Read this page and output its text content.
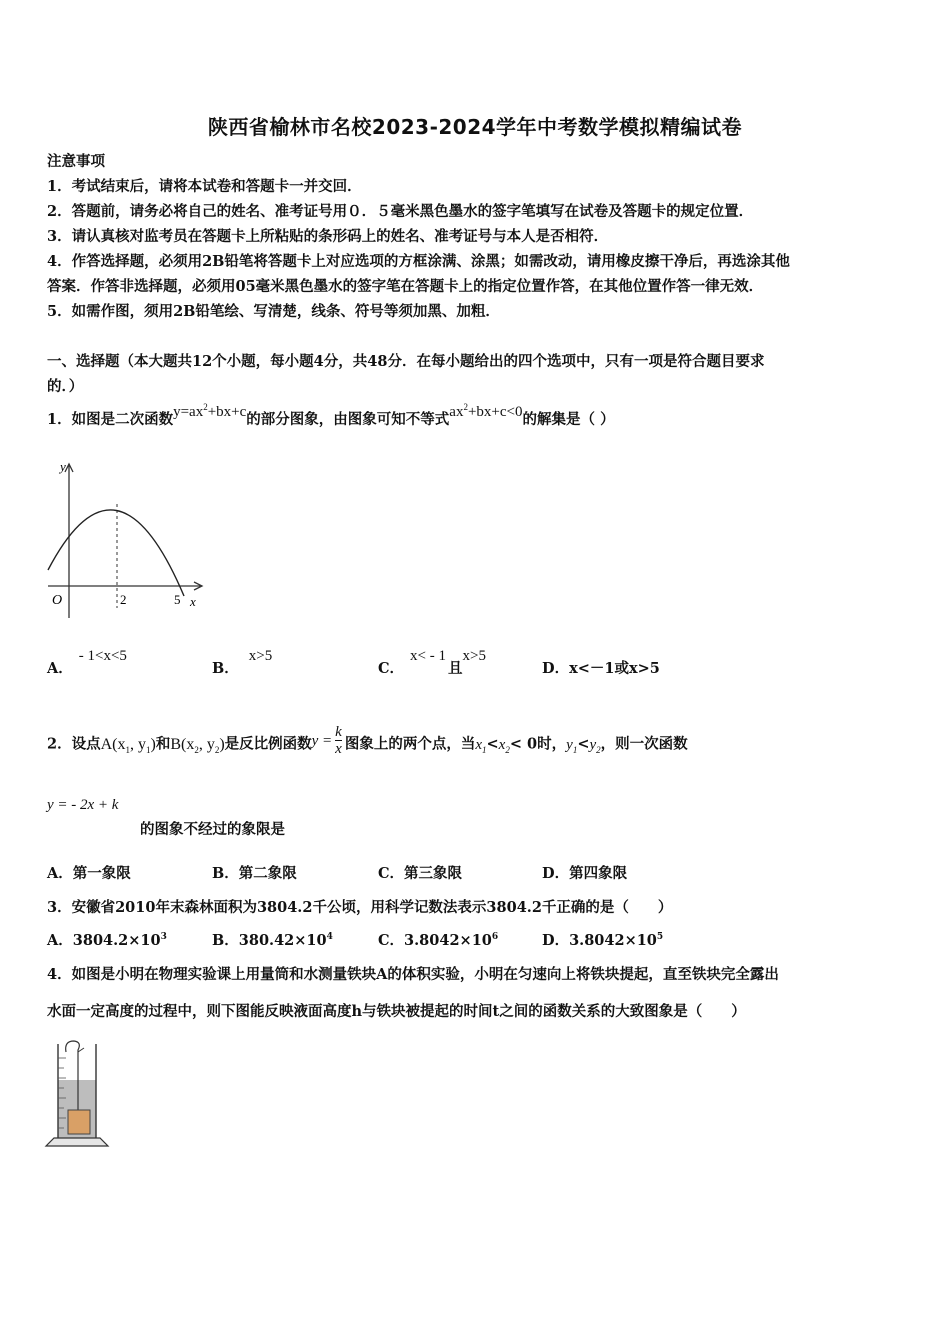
陕西省榆林市名校2023-2024学年中考数学模拟精编试卷
注意事项
1．考试结束后，请将本试卷和答题卡一并交回．
2．答题前，请务必将自己的姓名、准考证号用０．５毫米黑色墨水的签字笔填写在试卷及答题卡的规定位置．
3．请认真核对监考员在答题卡上所粘贴的条形码上的姓名、准考证号与本人是否相符．
4．作答选择题，必须用2B铅笔将答题卡上对应选项的方框涂满、涂黑；如需改动，请用橡皮擦干净后，再选涂其他
答案．作答非选择题，必须用05毫米黑色墨水的签字笔在答题卡上的指定位置作答，在其他位置作答一律无效．
5．如需作图，须用2B铅笔绘、写清楚，线条、符号等须加黑、加粗．
一、选择题（本大题共12个小题，每小题4分，共48分．在每小题给出的四个选项中，只有一项是符合题目要求
的．）
1．如图是二次函数$y=ax^2+bx+c$的部分图象，由图象可知不等式$ax^2+bx+c<0$的解集是（ ）
y
x
O	2	5
A．- 1<x<5
B．x>5
C．x< - 1且x>5
D．x<－1或x>5
2．设点$A(x_1$, $y_1$)和$B(x_2$, $y_2$)是反比例函数$y = \frac{k}{x}$ 图象上的两个点，当$x_1<x_2< 0$时，$y_1<y_2$，则一次函数
y = - 2x + k
的图象不经过的象限是
A．第一象限	B．第二象限	C．第三象限	D．第四象限
3．安徽省2010年末森林面积为3804.2千公顷，用科学记数法表示3804.2千正确的是（　　）
A．$3804.2\times 10^3$	B．$380.42\times 10^4$	C．$3.8042\times 10^6$	D．$3.8042\times 10^5$
4．如图是小明在物理实验课上用量筒和水测量铁块A的体积实验，小明在匀速向上将铁块提起，直至铁块完全露出
水面一定高度的过程中，则下图能反映液面高度h与铁块被提起的时间t之间的函数关系的大致图象是（　　）
